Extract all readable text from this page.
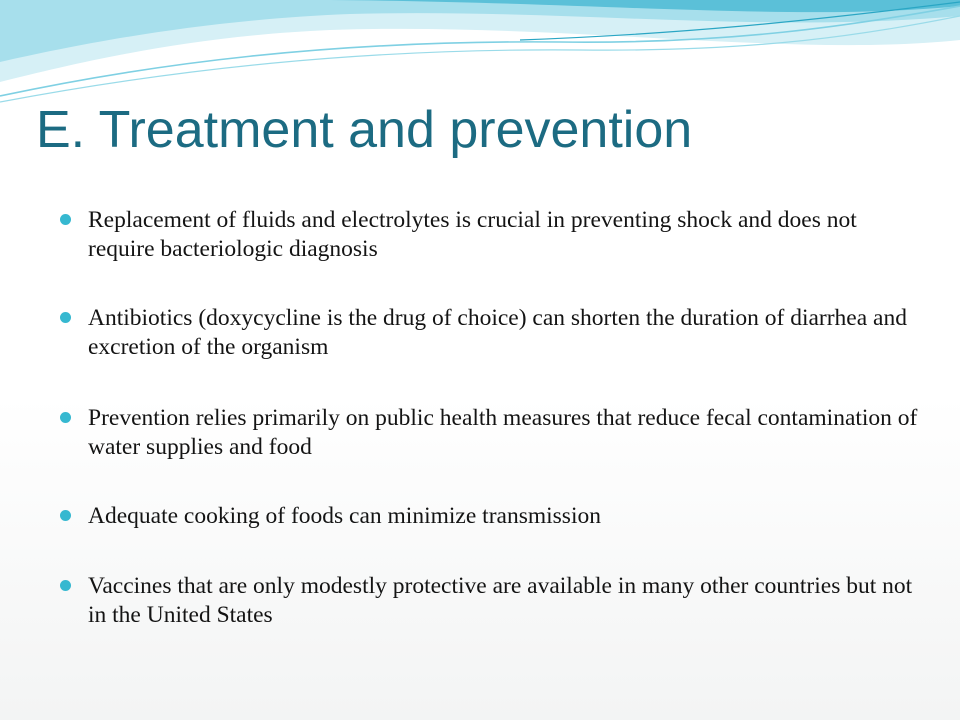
E. Treatment and prevention
Replacement of fluids and electrolytes is crucial in preventing shock and does not require bacteriologic diagnosis
Antibiotics (doxycycline is the drug of choice) can shorten the duration of diarrhea and excretion of the organism
Prevention relies primarily on public health measures that reduce fecal contamination of water supplies and food
Adequate cooking of foods can minimize transmission
Vaccines that are only modestly protective are available in many other countries but not in the United States
